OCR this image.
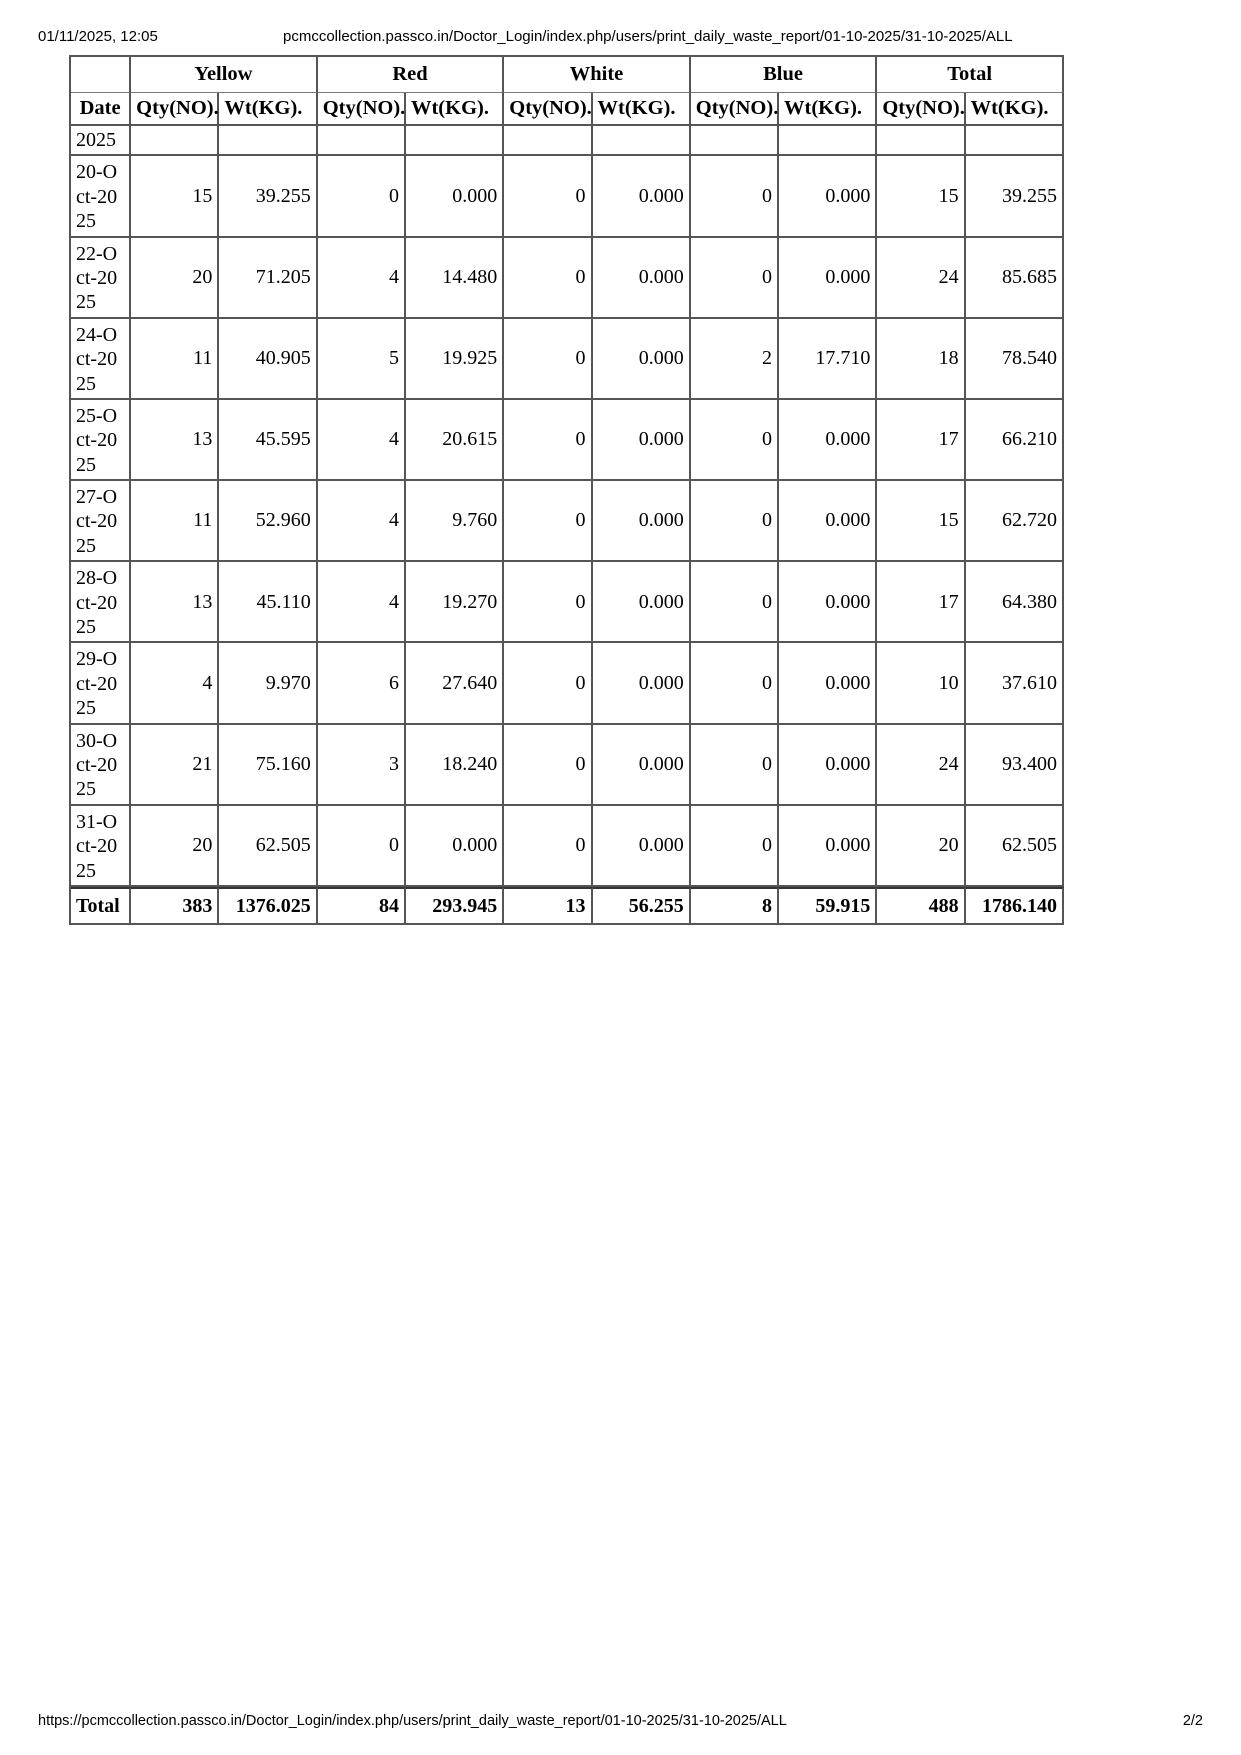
01/11/2025, 12:05	pcmccollection.passco.in/Doctor_Login/index.php/users/print_daily_waste_report/01-10-2025/31-10-2025/ALL
	Yellow		Red		White		Blue		Total	
Date	Qty(NO).	Wt(KG).	Qty(NO).	Wt(KG).	Qty(NO).	Wt(KG).	Qty(NO).	Wt(KG).	Qty(NO).	Wt(KG).
2025										
20-Oct-2025	15	39.255	0	0.000	0	0.000	0	0.000	15	39.255
22-Oct-2025	20	71.205	4	14.480	0	0.000	0	0.000	24	85.685
24-Oct-2025	11	40.905	5	19.925	0	0.000	2	17.710	18	78.540
25-Oct-2025	13	45.595	4	20.615	0	0.000	0	0.000	17	66.210
27-Oct-2025	11	52.960	4	9.760	0	0.000	0	0.000	15	62.720
28-Oct-2025	13	45.110	4	19.270	0	0.000	0	0.000	17	64.380
29-Oct-2025	4	9.970	6	27.640	0	0.000	0	0.000	10	37.610
30-Oct-2025	21	75.160	3	18.240	0	0.000	0	0.000	24	93.400
31-Oct-2025	20	62.505	0	0.000	0	0.000	0	0.000	20	62.505
Total	383	1376.025	84	293.945	13	56.255	8	59.915	488	1786.140
https://pcmccollection.passco.in/Doctor_Login/index.php/users/print_daily_waste_report/01-10-2025/31-10-2025/ALL	2/2
